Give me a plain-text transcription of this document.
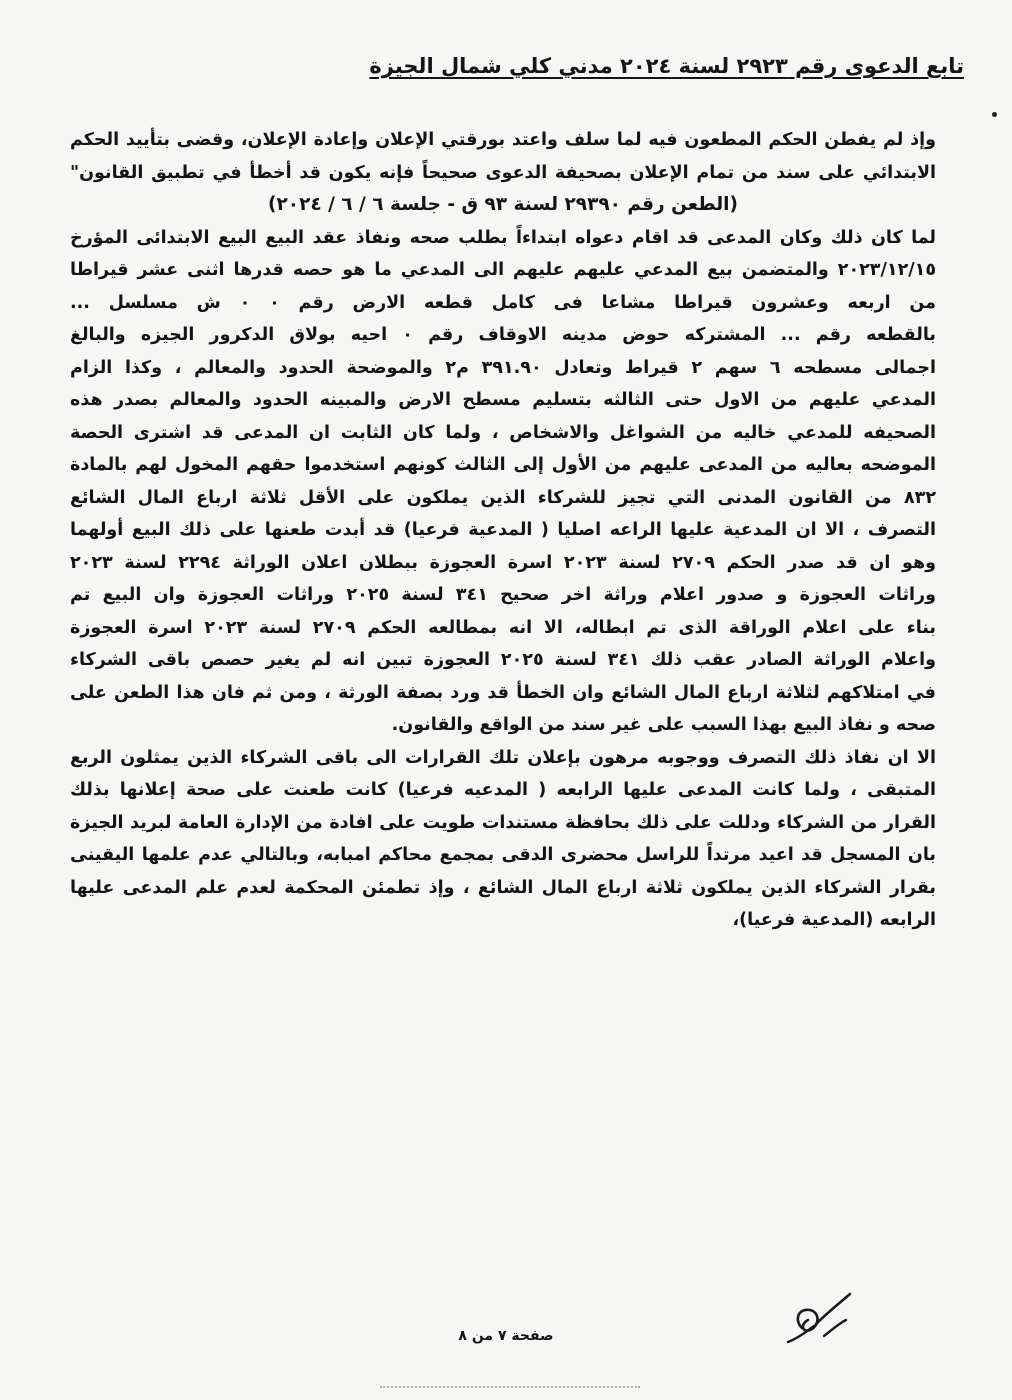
تابع الدعوى رقم ٢٩٢٣ لسنة ٢٠٢٤ مدني كلي شمال الجيزة
وإذ لم يفطن الحكم المطعون فيه لما سلف واعتد بورقتي الإعلان وإعادة الإعلان، وقضى بتأييد الحكم
الابتدائي على سند من تمام الإعلان بصحيفة الدعوى صحيحاً فإنه يكون قد أخطأ في تطبيق القانون"
(الطعن رقم ٢٩٣٩٠ لسنة ٩٣ ق - جلسة ٦ / ٦ / ٢٠٢٤)
لما كان ذلك وكان المدعى قد اقام دعواه ابتداءاً بطلب صحه ونفاذ عقد البيع البيع الابتدائى المؤرخ
٢٠٢٣/١٢/١٥ والمتضمن بيع المدعي عليهم عليهم الى المدعي ما هو حصه قدرها اثنى عشر قيراطا
من اربعه وعشرون قيراطا مشاعا فى كامل قطعه الارض رقم ٠ ٠ ش مسلسل ...
بالقطعه رقم ... المشتركه حوض مدينه الاوقاف رقم ٠ احيه بولاق الدكرور الجيزه والبالغ
اجمالى مسطحه ٦ سهم ٢ قيراط وتعادل ٣٩١.٩٠ م٢ والموضحة الحدود والمعالم ، وكذا الزام
المدعي عليهم من الاول حتى الثالثه بتسليم مسطح الارض والمبينه الحدود والمعالم بصدر هذه
الصحيفه للمدعي خاليه من الشواغل والاشخاص ، ولما كان الثابت ان المدعى قد اشترى الحصة
الموضحه بعاليه من المدعى عليهم من الأول إلى الثالث كونهم استخدموا حقهم المخول لهم بالمادة
٨٣٢ من القانون المدنى التي تجيز للشركاء الذين يملكون على الأقل ثلاثة ارباع المال الشائع
التصرف ، الا ان المدعية عليها الراعه اصليا ( المدعية فرعيا) قد أبدت طعنها على ذلك البيع أولهما
وهو ان قد صدر الحكم ٢٧٠٩ لسنة ٢٠٢٣ اسرة العجوزة ببطلان اعلان الوراثة ٢٢٩٤ لسنة ٢٠٢٣
وراثات العجوزة و صدور اعلام وراثة اخر صحيح ٣٤١ لسنة ٢٠٢٥ وراثات العجوزة وان البيع تم
بناء على اعلام الوراقة الذى تم ابطاله، الا انه بمطالعه الحكم ٢٧٠٩ لسنة ٢٠٢٣ اسرة العجوزة
واعلام الوراثة الصادر عقب ذلك ٣٤١ لسنة ٢٠٢٥ العجوزة تبين انه لم يغير حصص باقى الشركاء
في امتلاكهم لثلاثة ارباع المال الشائع وان الخطأ قد ورد بصفة الورثة ، ومن ثم فان هذا الطعن على
صحه و نفاذ البيع بهذا السبب على غير سند من الواقع والقانون.
الا ان نفاذ ذلك التصرف ووجوبه مرهون بإعلان تلك القرارات الى باقى الشركاء الذين يمثلون الربع
المتبقى ، ولما كانت المدعى عليها الرابعه ( المدعيه فرعيا) كانت طعنت على صحة إعلانها بذلك
القرار من الشركاء ودللت على ذلك بحافظة مستندات طويت على افادة من الإدارة العامة لبريد الجيزة
بان المسجل قد اعيد مرتداً للراسل محضرى الدقى بمجمع محاكم امبابه، وبالتالي عدم علمها اليقينى
بقرار الشركاء الذين يملكون ثلاثة ارباع المال الشائع ، وإذ تطمئن المحكمة لعدم علم المدعى عليها
الرابعه (المدعية فرعيا)،
صفحة ٧ من ٨
